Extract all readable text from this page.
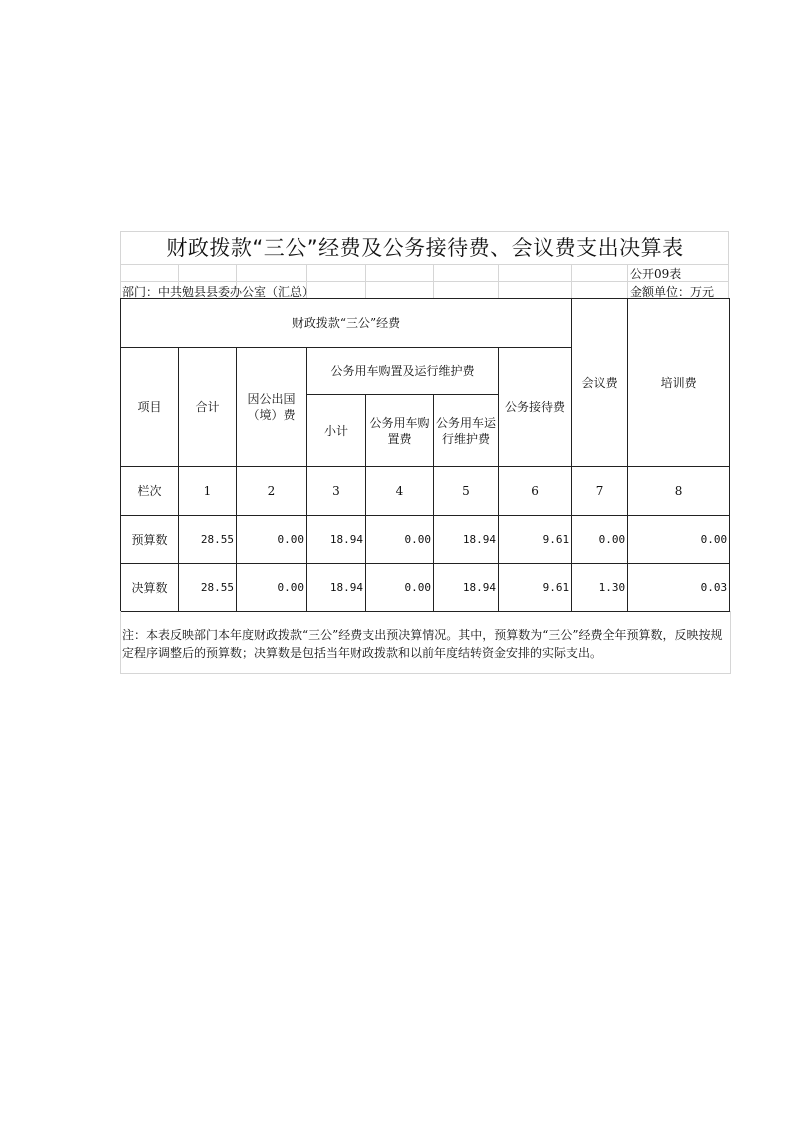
财政拨款“三公”经费及公务接待费、会议费支出决算表
公开09表
部门：中共勉县县委办公室（汇总）	金额单位：万元
财政拨款“三公”经费							会议费	培训费
项目	合计	因公出国（境）费	公务用车购置及运行维护费			公务接待费		
			小计	公务用车购置费	公务用车运行维护费			
栏次	1	2	3	4	5	6	7	8
预算数	28.55	0.00	18.94	0.00	18.94	9.61	0.00	0.00
决算数	28.55	0.00	18.94	0.00	18.94	9.61	1.30	0.03
注：本表反映部门本年度财政拨款“三公”经费支出预决算情况。其中，预算数为“三公”经费全年预算数，反映按规定程序调整后的预算数；决算数是包括当年财政拨款和以前年度结转资金安排的实际支出。
